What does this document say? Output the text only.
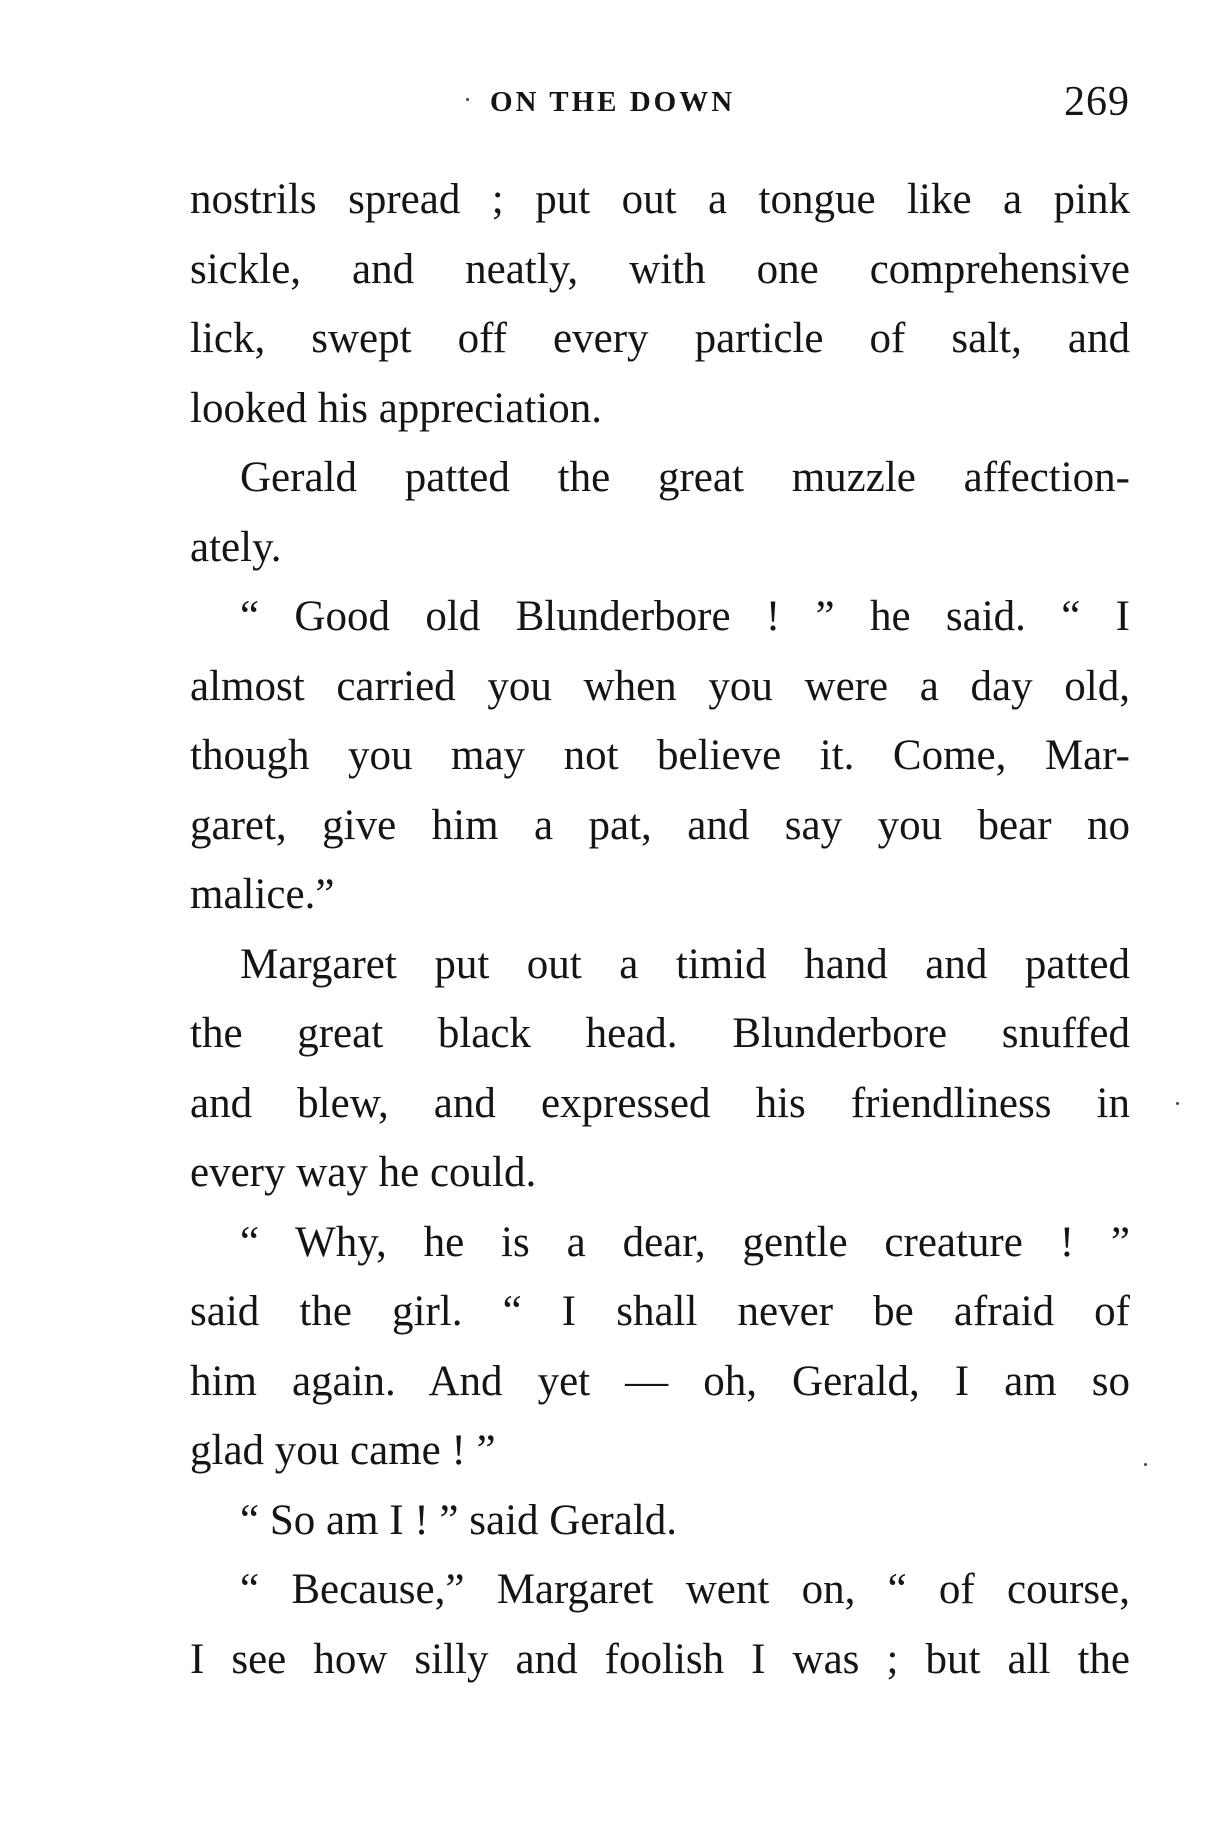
ON THE DOWN	269
nostrils spread ; put out a tongue like a pink
sickle, and neatly, with one comprehensive
lick, swept off every particle of salt, and
looked his appreciation.
Gerald patted the great muzzle affection-
ately.
“ Good old Blunderbore ! ” he said. “ I
almost carried you when you were a day old,
though you may not believe it. Come, Mar-
garet, give him a pat, and say you bear no
malice.”
Margaret put out a timid hand and patted
the great black head. Blunderbore snuffed
and blew, and expressed his friendliness in
every way he could.
“ Why, he is a dear, gentle creature ! ”
said the girl. “ I shall never be afraid of
him again. And yet — oh, Gerald, I am so
glad you came ! ”
“ So am I ! ” said Gerald.
“ Because,” Margaret went on, “ of course,
I see how silly and foolish I was ; but all the
